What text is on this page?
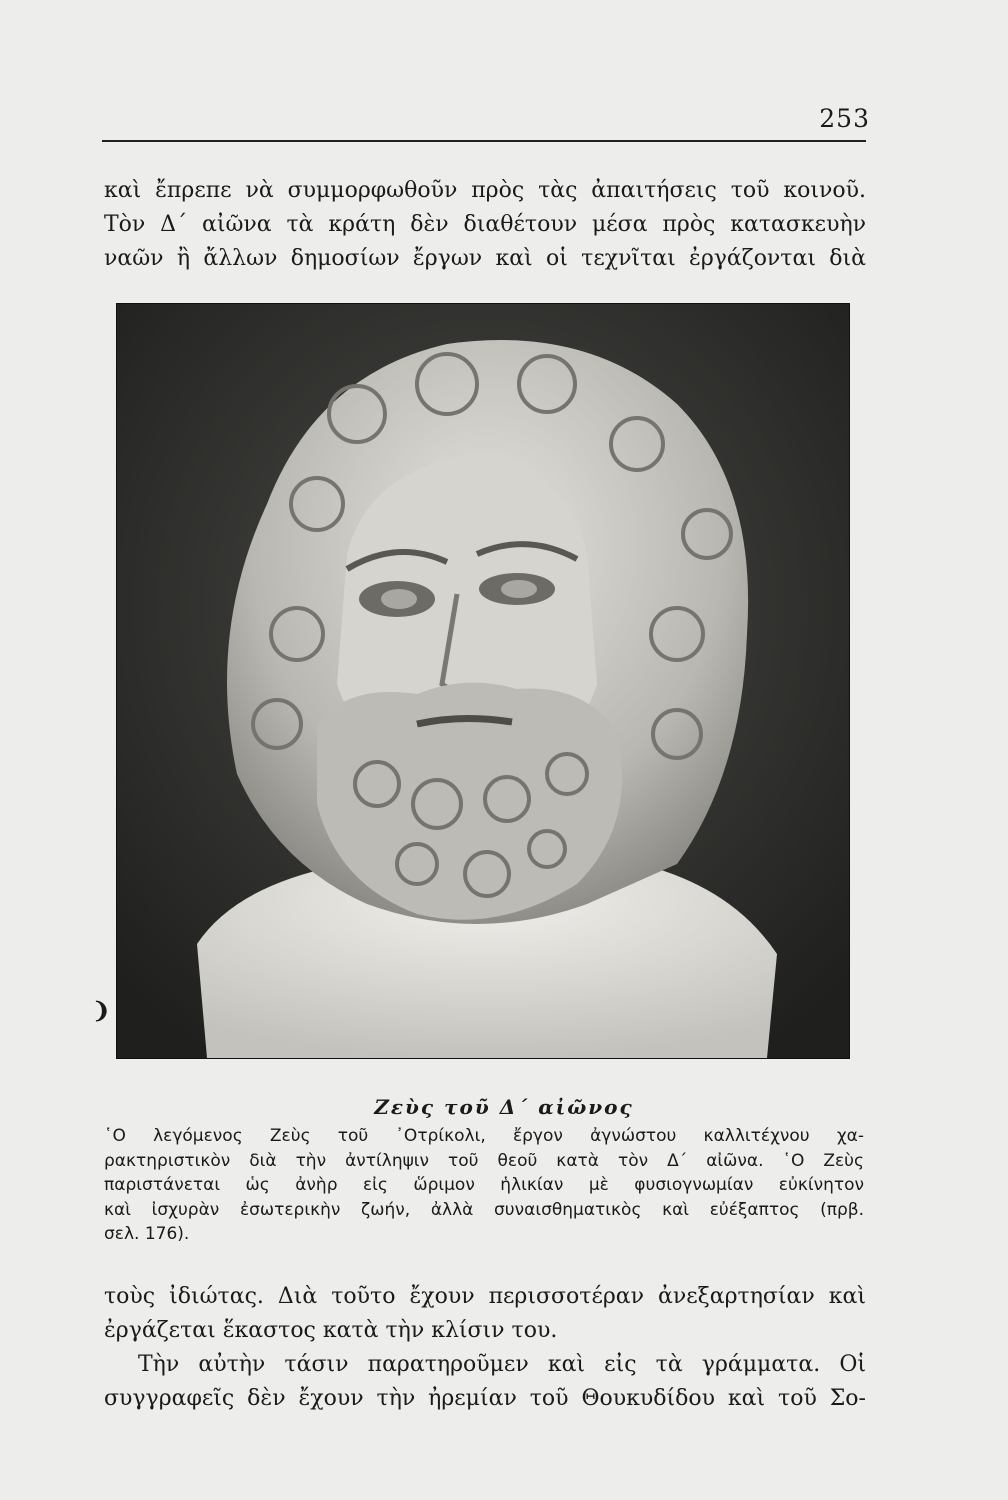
253
καὶ ἔπρεπε νὰ συμμορφωθοῦν πρὸς τὰς ἀπαιτήσεις τοῦ κοινοῦ.
Τὸν Δ΄ αἰῶνα τὰ κράτη δὲν διαθέτουν μέσα πρὸς κατασκευὴν
ναῶν ἢ ἄλλων δημοσίων ἔργων καὶ οἱ τεχνῖται ἐργάζονται διὰ
❩
Ζεὺς τοῦ Δ΄ αἰῶνος
῾Ο λεγόμενος Ζεὺς τοῦ ᾿Οτρίκολι, ἔργον ἀγνώστου καλλιτέχνου χα-
ρακτηριστικὸν διὰ τὴν ἀντίληψιν τοῦ θεοῦ κατὰ τὸν Δ΄ αἰῶνα. ῾Ο Ζεὺς
παριστάνεται ὡς ἀνὴρ εἰς ὥριμον ἡλικίαν μὲ φυσιογνωμίαν εὐκίνητον
καὶ ἰσχυρὰν ἐσωτερικὴν ζωήν, ἀλλὰ συναισθηματικὸς καὶ εὐέξαπτος (πρβ.
σελ. 176).
τοὺς ἰδιώτας. Διὰ τοῦτο ἔχουν περισσοτέραν ἀνεξαρτησίαν καὶ
ἐργάζεται ἕκαστος κατὰ τὴν κλίσιν του.
Τὴν αὐτὴν τάσιν παρατηροῦμεν καὶ εἰς τὰ γράμματα. Οἱ
συγγραφεῖς δὲν ἔχουν τὴν ἠρεμίαν τοῦ Θουκυδίδου καὶ τοῦ Σο-
